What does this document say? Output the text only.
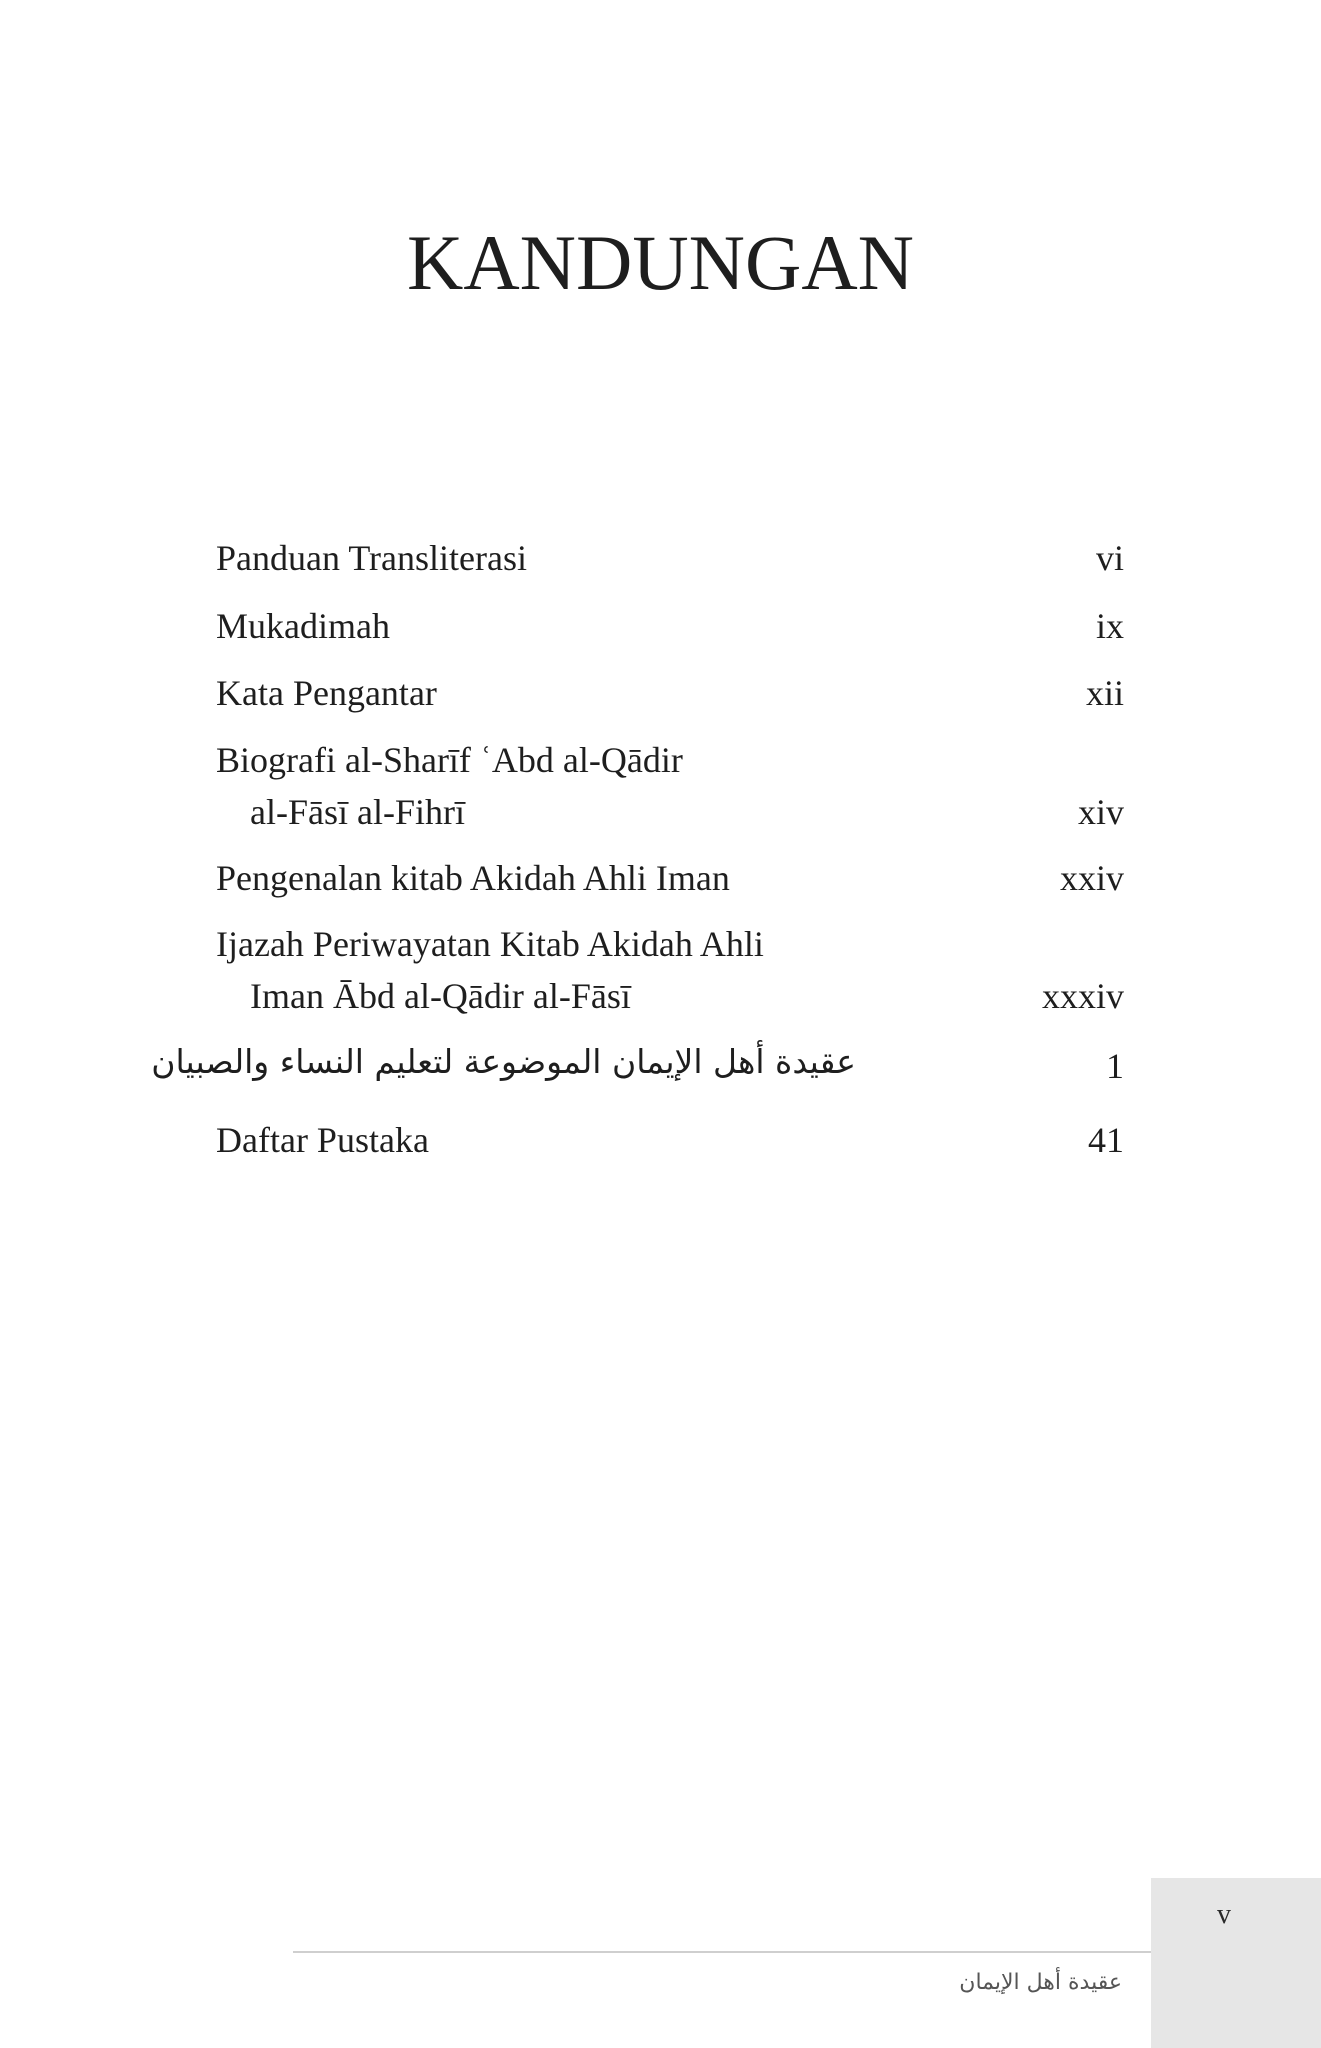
KANDUNGAN
Panduan Transliterasi	vi
Mukadimah	ix
Kata Pengantar	xii
Biografi al-Sharīf ʿAbd al-Qādir
al-Fāsī al-Fihrī	xiv
Pengenalan kitab Akidah Ahli Iman	xxiv
Ijazah Periwayatan Kitab Akidah Ahli
Iman Ābd al-Qādir al-Fāsī	xxxiv
عقيدة أهل الإيمان الموضوعة لتعليم النساء والصبيان	1
Daftar Pustaka	41
v
عقيدة أهل الإيمان
